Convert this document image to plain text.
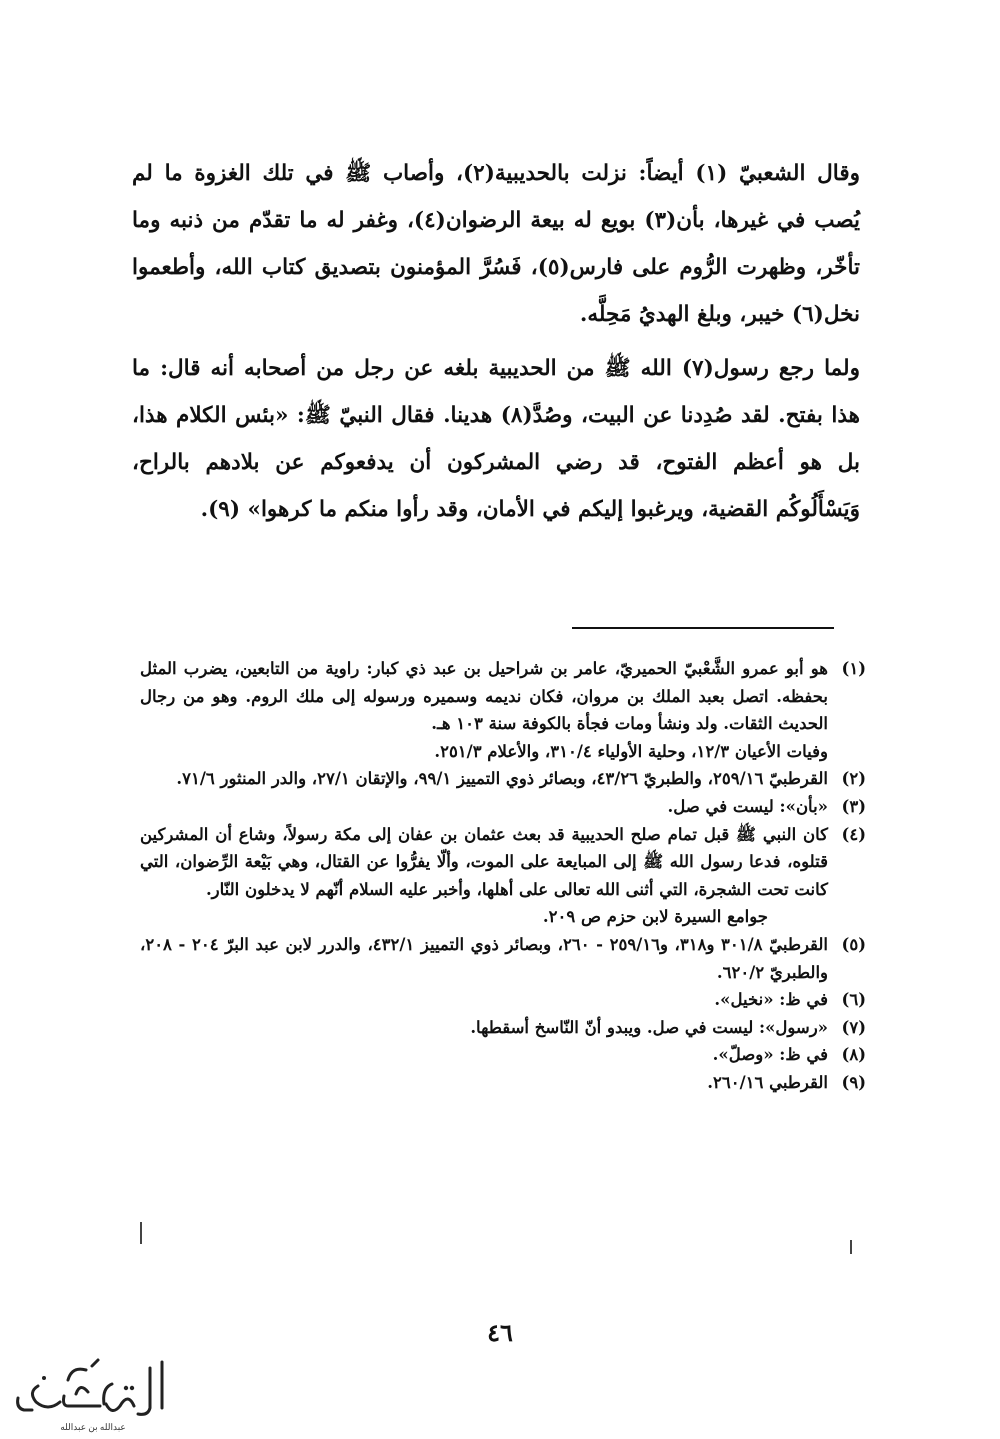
وقال الشعبيّ (١) أيضاً: نزلت بالحديبية(٢)، وأصاب ﷺ في تلك الغزوة ما لم يُصب في غيرها، بأن(٣) بويع له بيعة الرضوان(٤)، وغفر له ما تقدّم من ذنبه وما تأخّر، وظهرت الرُّوم على فارس(٥)، فَسُرَّ المؤمنون بتصديق كتاب الله، وأطعموا نخل(٦) خيبر، وبلغ الهديُ مَحِلَّه.

ولما رجع رسول(٧) الله ﷺ من الحديبية بلغه عن رجل من أصحابه أنه قال: ما هذا بفتح. لقد صُدِدنا عن البيت، وصُدَّ(٨) هدينا. فقال النبيّ ﷺ: «بئس الكلام هذا، بل هو أعظم الفتوح، قد رضي المشركون أن يدفعوكم عن بلادهم بالراح، وَيَسْأَلُوكُم القضية، ويرغبوا إليكم في الأمان، وقد رأوا منكم ما كرهوا» (٩).

(١)
هو أبو عمرو الشَّعْبيّ الحميريّ، عامر بن شراحيل بن عبد ذي كبار: راوية من التابعين، يضرب المثل بحفظه. اتصل بعبد الملك بن مروان، فكان نديمه وسميره ورسوله إلى ملك الروم. وهو من رجال الحديث الثقات. ولد ونشأ ومات فجأة بالكوفة سنة ١٠٣ هـ.
وفيات الأعيان ١٢/٣، وحلية الأولياء ٣١٠/٤، والأعلام ٢٥١/٣.
(٢)
القرطبيّ ٢٥٩/١٦، والطبريّ ٤٣/٢٦، وبصائر ذوي التمييز ٩٩/١، والإتقان ٢٧/١، والدر المنثور ٧١/٦.
(٣)
«بأن»: ليست في صل.
(٤)
كان النبي ﷺ قبل تمام صلح الحديبية قد بعث عثمان بن عفان إلى مكة رسولاً، وشاع أن المشركين قتلوه، فدعا رسول الله ﷺ إلى المبايعة على الموت، وألّا يفرُّوا عن القتال، وهي بَيْعة الرِّضوان، التي كانت تحت الشجرة، التي أثنى الله تعالى على أهلها، وأخبر عليه السلام أنّهم لا يدخلون النّار.
جوامع السيرة لابن حزم ص ٢٠٩.
(٥)
القرطبيّ ٣٠١/٨ و٣١٨، و٢٥٩/١٦ - ٢٦٠، وبصائر ذوي التمييز ٤٣٢/١، والدرر لابن عبد البرّ ٢٠٤ - ٢٠٨، والطبريّ ٦٢٠/٢.
(٦)
في ظ: «نخيل».
(٧)
«رسول»: ليست في صل. ويبدو أنّ النّاسخ أسقطها.
(٨)
في ظ: «وصلّ».
(٩)
القرطبي ٢٦٠/١٦.
٤٦
عبدالله بن عبدالله
